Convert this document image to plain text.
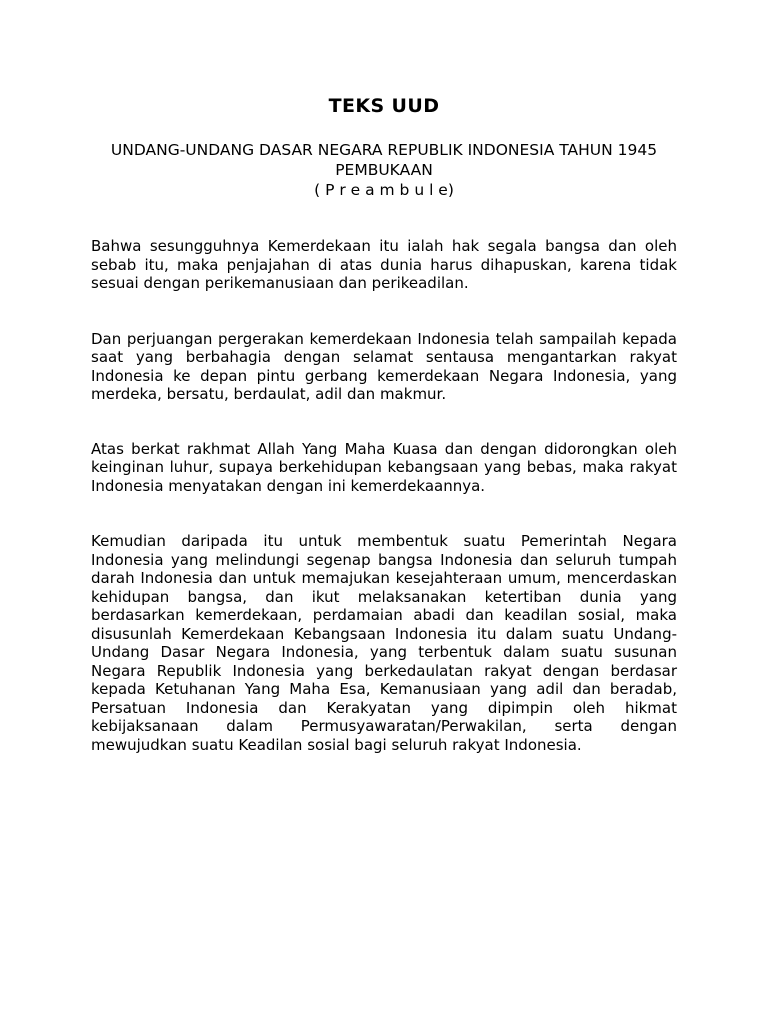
TEKS UUD
UNDANG-UNDANG DASAR NEGARA REPUBLIK INDONESIA TAHUN 1945
PEMBUKAAN
( P r e a m b u l e)

Bahwa sesungguhnya Kemerdekaan itu ialah hak segala bangsa dan oleh sebab itu, maka penjajahan di atas dunia harus dihapuskan, karena tidak sesuai dengan perikemanusiaan dan perikeadilan.

Dan perjuangan pergerakan kemerdekaan Indonesia telah sampailah kepada saat yang berbahagia dengan selamat sentausa mengantarkan rakyat Indonesia ke depan pintu gerbang kemerdekaan Negara Indonesia, yang merdeka, bersatu, berdaulat, adil dan makmur.

Atas berkat rakhmat Allah Yang Maha Kuasa dan dengan didorongkan oleh keinginan luhur, supaya berkehidupan kebangsaan yang bebas, maka rakyat Indonesia menyatakan dengan ini kemerdekaannya.

Kemudian daripada itu untuk membentuk suatu Pemerintah Negara Indonesia yang melindungi segenap bangsa Indonesia dan seluruh tumpah darah Indonesia dan untuk memajukan kesejahteraan umum, mencerdaskan kehidupan bangsa, dan ikut melaksanakan ketertiban dunia yang berdasarkan kemerdekaan, perdamaian abadi dan keadilan sosial, maka disusunlah Kemerdekaan Kebangsaan Indonesia itu dalam suatu Undang-Undang Dasar Negara Indonesia, yang terbentuk dalam suatu susunan Negara Republik Indonesia yang berkedaulatan rakyat dengan berdasar kepada Ketuhanan Yang Maha Esa, Kemanusiaan yang adil dan beradab, Persatuan Indonesia dan Kerakyatan yang dipimpin oleh hikmat kebijaksanaan dalam Permusyawaratan/Perwakilan, serta dengan mewujudkan suatu Keadilan sosial bagi seluruh rakyat Indonesia.
